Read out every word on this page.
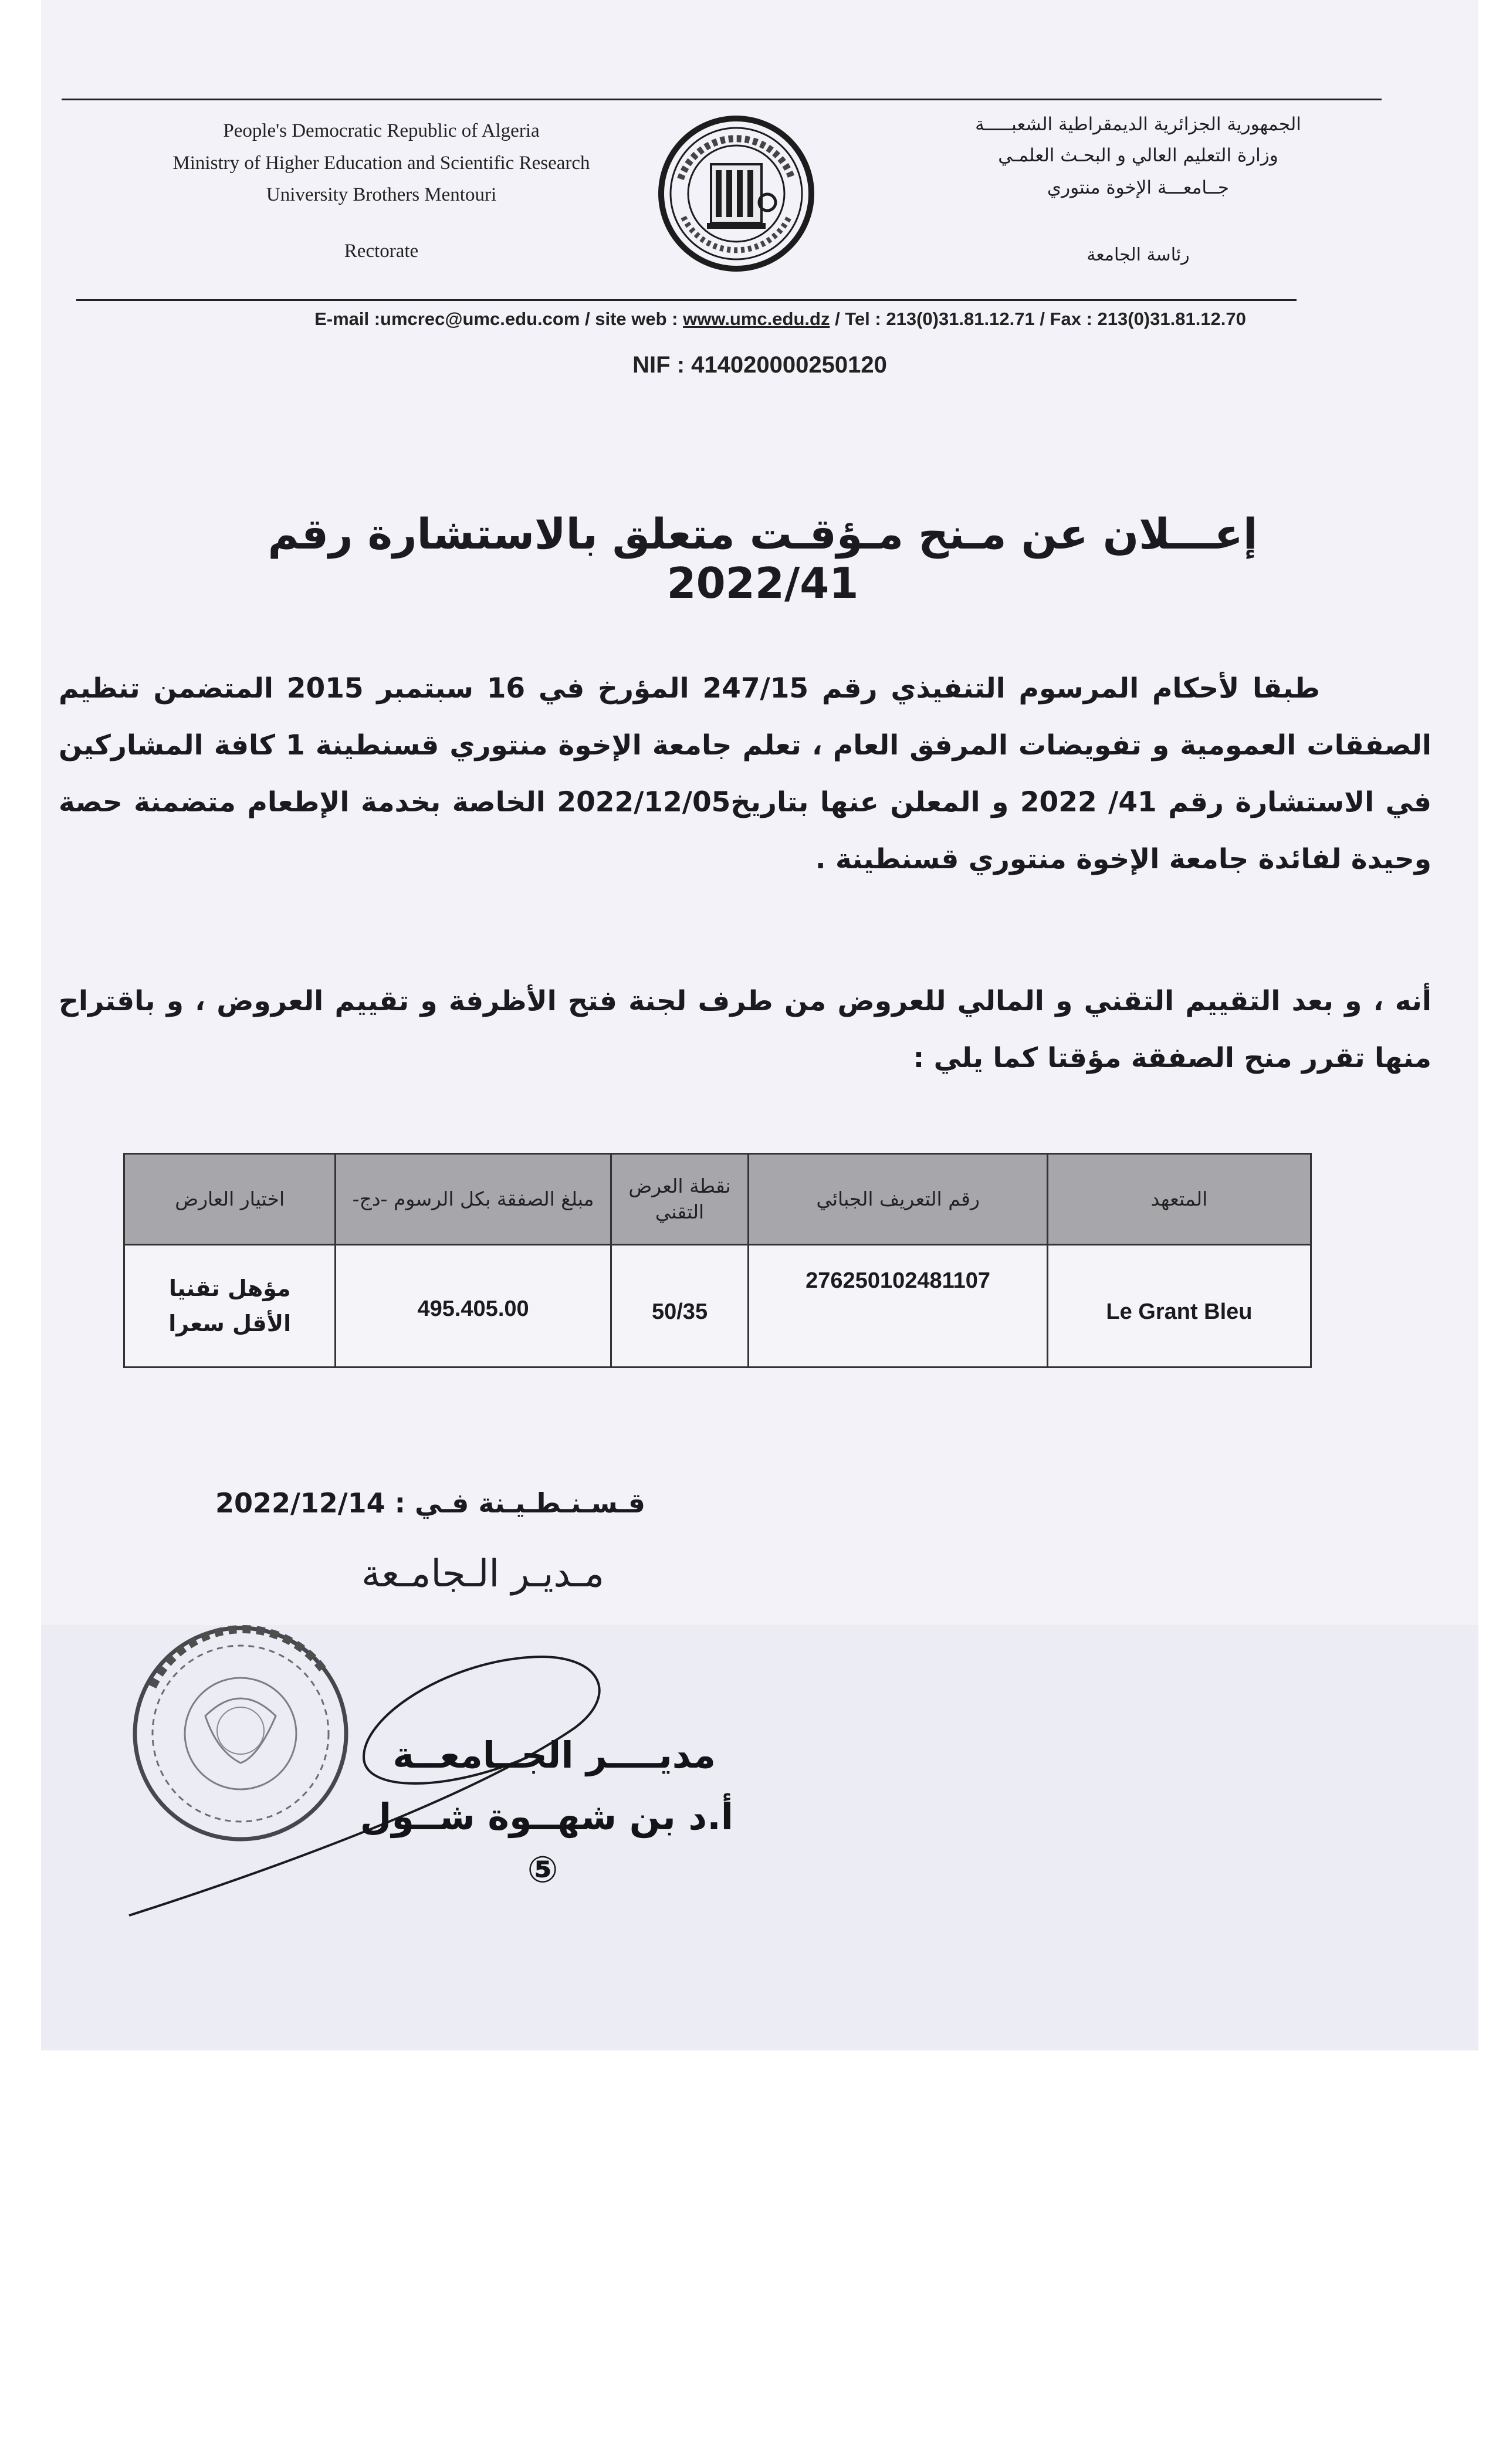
People's Democratic Republic of Algeria
Ministry of Higher Education and Scientific Research
University Brothers Mentouri
Rectorate
الجمهورية الجزائرية الديمقراطية الشعبـــــة
وزارة التعليم العالي و البحـث العلمـي
جــامعـــة الإخوة منتوري
رئاسة الجامعة
E-mail :umcrec@umc.edu.com / site web : www.umc.edu.dz / Tel : 213(0)31.81.12.71 / Fax : 213(0)31.81.12.70
NIF : 414020000250120
إعـــلان عن مـنح مـؤقـت متعلق بالاستشارة رقم 2022/41
طبقا لأحكام المرسوم التنفيذي رقم 247/15 المؤرخ في 16 سبتمبر 2015 المتضمن تنظيم الصفقات العمومية و تفويضات المرفق العام ، تعلم جامعة الإخوة منتوري قسنطينة 1 كافة المشاركين في الاستشارة رقم 41/ 2022 و المعلن عنها بتاريخ2022/12/05 الخاصة بخدمة الإطعام متضمنة حصة وحيدة لفائدة جامعة الإخوة منتوري قسنطينة .
أنه ، و بعد التقييم التقني و المالي للعروض من طرف لجنة فتح الأظرفة و تقييم العروض ، و باقتراح منها تقرر منح الصفقة مؤقتا كما يلي :
المتعهد	رقم التعريف الجبائي	نقطة العرض التقني	مبلغ الصفقة بكل الرسوم -دج-	اختيار العارض
Le Grant Bleu	27625010248110‌7	50/35	495.405.00	مؤهل تقنيا
الأقل سعرا
قـسـنـطـيـنة فـي : 2022/12/14
مـديـر الـجامـعة
مديــــر الجــامعــة
أ.د بن شهــوة شــول
⑤
